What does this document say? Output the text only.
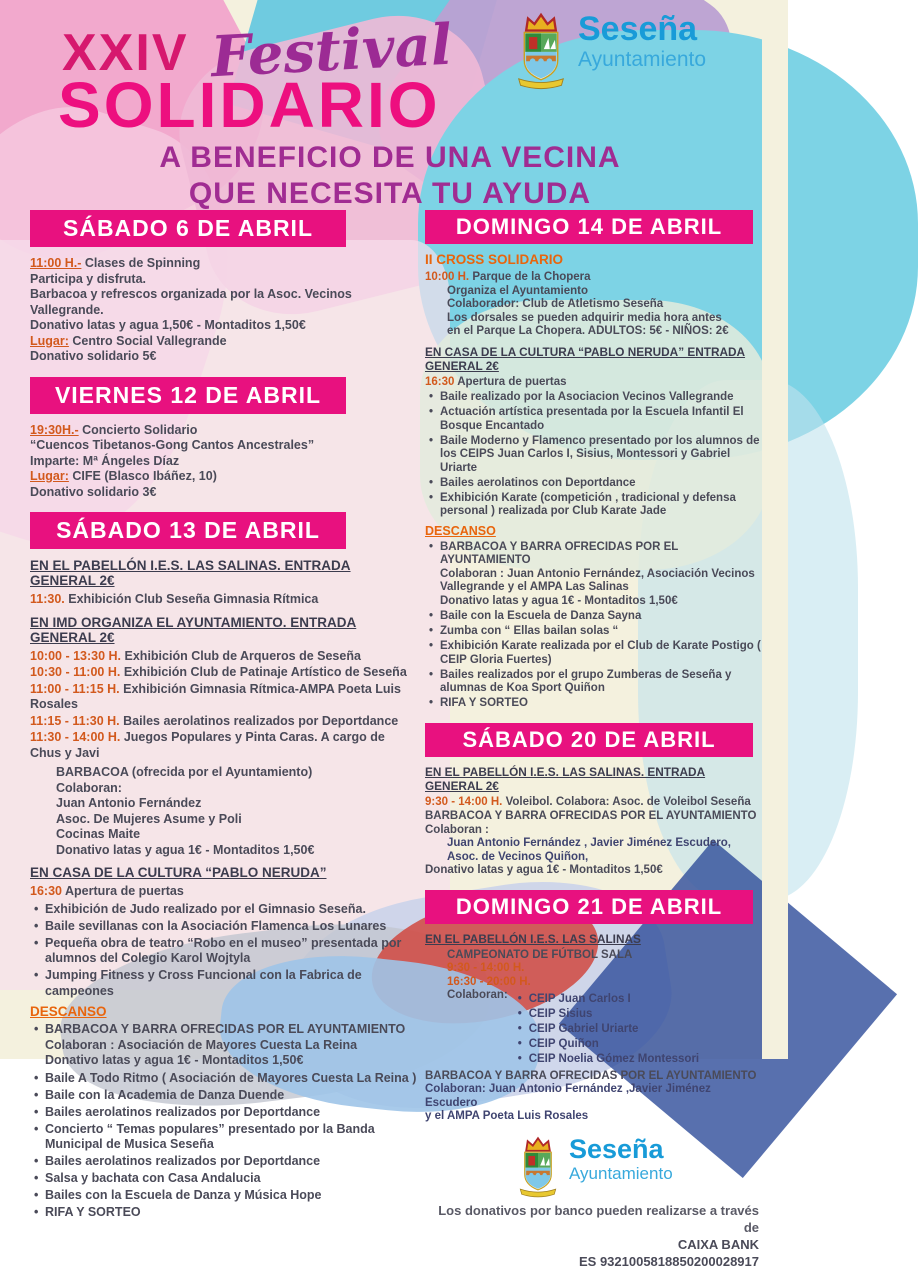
XXIV Festival
SOLIDARIO
Seseña
Ayuntamiento
A BENEFICIO DE UNA VECINA
QUE NECESITA TU AYUDA
SÁBADO 6 DE ABRIL
11:00 H.- Clases de Spinning
Participa y disfruta.
Barbacoa y refrescos organizada por la Asoc. Vecinos Vallegrande.
Donativo latas y agua 1,50€ - Montaditos 1,50€
Lugar: Centro Social Vallegrande
Donativo solidario 5€
VIERNES 12 DE ABRIL
19:30H.- Concierto Solidario
“Cuencos Tibetanos-Gong Cantos Ancestrales”
Imparte: Mª Ángeles Díaz
Lugar: CIFE (Blasco Ibáñez, 10)
Donativo solidario 3€
SÁBADO 13 DE ABRIL
EN EL PABELLÓN I.E.S. LAS SALINAS. ENTRADA GENERAL 2€
11:30. Exhibición Club Seseña Gimnasia Rítmica
EN IMD ORGANIZA EL AYUNTAMIENTO. ENTRADA GENERAL 2€
10:00 - 13:30 H. Exhibición Club de Arqueros de Seseña
10:30 - 11:00 H. Exhibición Club de Patinaje Artístico de Seseña
11:00 - 11:15 H. Exhibición Gimnasia Rítmica-AMPA Poeta Luis Rosales
11:15 - 11:30 H. Bailes aerolatinos realizados por Deportdance
11:30 - 14:00 H. Juegos Populares y Pinta Caras. A cargo de Chus y Javi
BARBACOA (ofrecida por el Ayuntamiento)
Colaboran:
Juan Antonio Fernández
Asoc. De Mujeres Asume y Poli
Cocinas Maite
Donativo latas y agua 1€ - Montaditos 1,50€
EN CASA DE LA CULTURA “PABLO NERUDA”
16:30 Apertura de puertas
• Exhibición de Judo realizado por el Gimnasio Seseña.
• Baile sevillanas con la Asociación Flamenca Los Lunares
• Pequeña obra de teatro “Robo en el museo” presentada por alumnos del Colegio Karol Wojtyla
• Jumping Fitness y Cross Funcional con la Fabrica de campeones
DESCANSO
• BARBACOA Y BARRA OFRECIDAS POR EL AYUNTAMIENTO
Colaboran : Asociación de Mayores Cuesta La Reina
Donativo latas y agua 1€ - Montaditos 1,50€
• Baile A Todo Ritmo ( Asociación de Mayores Cuesta La Reina )
• Baile con la Academia de Danza Duende
• Bailes aerolatinos realizados por Deportdance
• Concierto “ Temas populares” presentado por la Banda Municipal de Musica Seseña
• Bailes aerolatinos realizados por Deportdance
• Salsa y bachata con Casa Andalucia
• Bailes con la Escuela de Danza y Música Hope
• RIFA Y SORTEO
DOMINGO 14 DE ABRIL
II CROSS SOLIDARIO
10:00 H. Parque de la Chopera
Organiza el Ayuntamiento
Colaborador: Club de Atletismo Seseña
Los dorsales se pueden adquirir media hora antes
en el Parque La Chopera. ADULTOS: 5€ - NIÑOS: 2€
EN CASA DE LA CULTURA “PABLO NERUDA” ENTRADA GENERAL 2€
16:30 Apertura de puertas
• Baile realizado por la Asociacion Vecinos Vallegrande
• Actuación artística presentada por la Escuela Infantil El Bosque Encantado
• Baile Moderno y Flamenco presentado por los alumnos de los CEIPS Juan Carlos I, Sisius, Montessori y Gabriel Uriarte
• Bailes aerolatinos con Deportdance
• Exhibición Karate (competición , tradicional y defensa personal ) realizada por Club Karate Jade
DESCANSO
• BARBACOA Y BARRA OFRECIDAS POR EL AYUNTAMIENTO
Colaboran : Juan Antonio Fernández, Asociación Vecinos Vallegrande y el AMPA Las Salinas
Donativo latas y agua 1€ - Montaditos 1,50€
• Baile con la Escuela de Danza Sayna
• Zumba con “ Ellas bailan solas “
• Exhibición Karate realizada por el Club de Karate Postigo ( CEIP Gloria Fuertes)
• Bailes realizados por el grupo Zumberas de Seseña y alumnas de Koa Sport Quiñon
• RIFA Y SORTEO
SÁBADO 20 DE ABRIL
EN EL PABELLÓN I.E.S. LAS SALINAS. ENTRADA GENERAL 2€
9:30 - 14:00 H. Voleibol. Colabora: Asoc. de Voleibol Seseña
BARBACOA Y BARRA OFRECIDAS POR EL AYUNTAMIENTO
Colaboran :
Juan Antonio Fernández , Javier Jiménez Escudero,
Asoc. de Vecinos Quiñon,
Donativo latas y agua 1€ - Montaditos 1,50€
DOMINGO 21 DE ABRIL
EN EL PABELLÓN I.E.S. LAS SALINAS
CAMPEONATO DE FÚTBOL SALA
9:30 - 14:00 H.
16:30 - 20:00 H.
Colaboran:	• CEIP Juan Carlos I
• CEIP Sisius
• CEIP Gabriel Uriarte
• CEIP Quiñon
• CEIP Noelia Gómez Montessori
BARBACOA Y BARRA OFRECIDAS POR EL AYUNTAMIENTO
Colaboran: Juan Antonio Fernández ,Javier Jiménez Escudero
y el AMPA Poeta Luis Rosales
Seseña
Ayuntamiento
Los donativos por banco pueden realizarse a través de
CAIXA BANK
ES 9321005818850200028917
